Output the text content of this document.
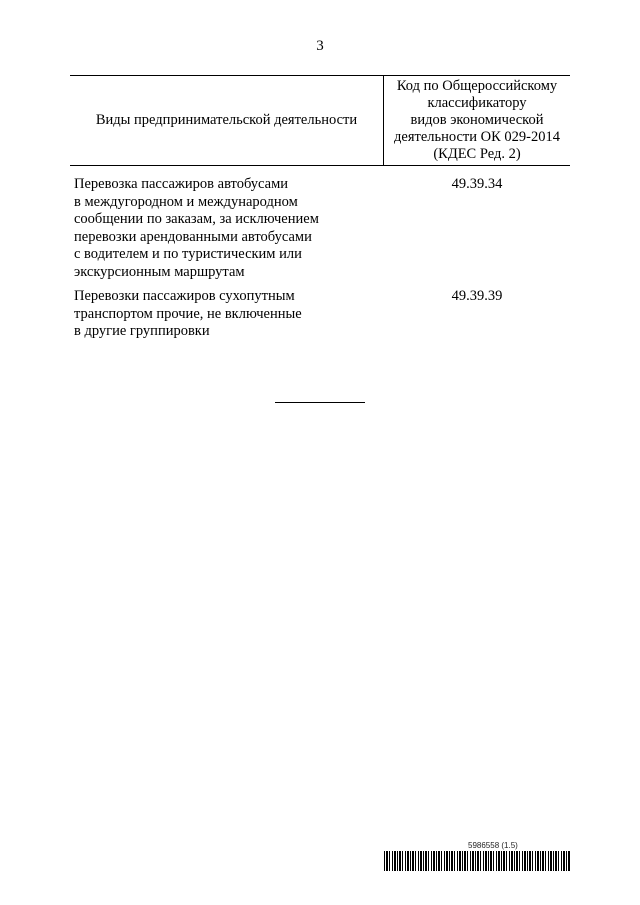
3
Виды предпринимательской деятельности
Код по Общероссийскому
классификатору
видов экономической
деятельности ОК 029-2014
(КДЕС Ред. 2)
Перевозка пассажиров автобусами
в междугородном и международном
сообщении по заказам, за исключением
перевозки арендованными автобусами
с водителем и по туристическим или
экскурсионным маршрутам
49.39.34
Перевозки пассажиров сухопутным
транспортом прочие, не включенные
в другие группировки
49.39.39
5986558 (1.5)
